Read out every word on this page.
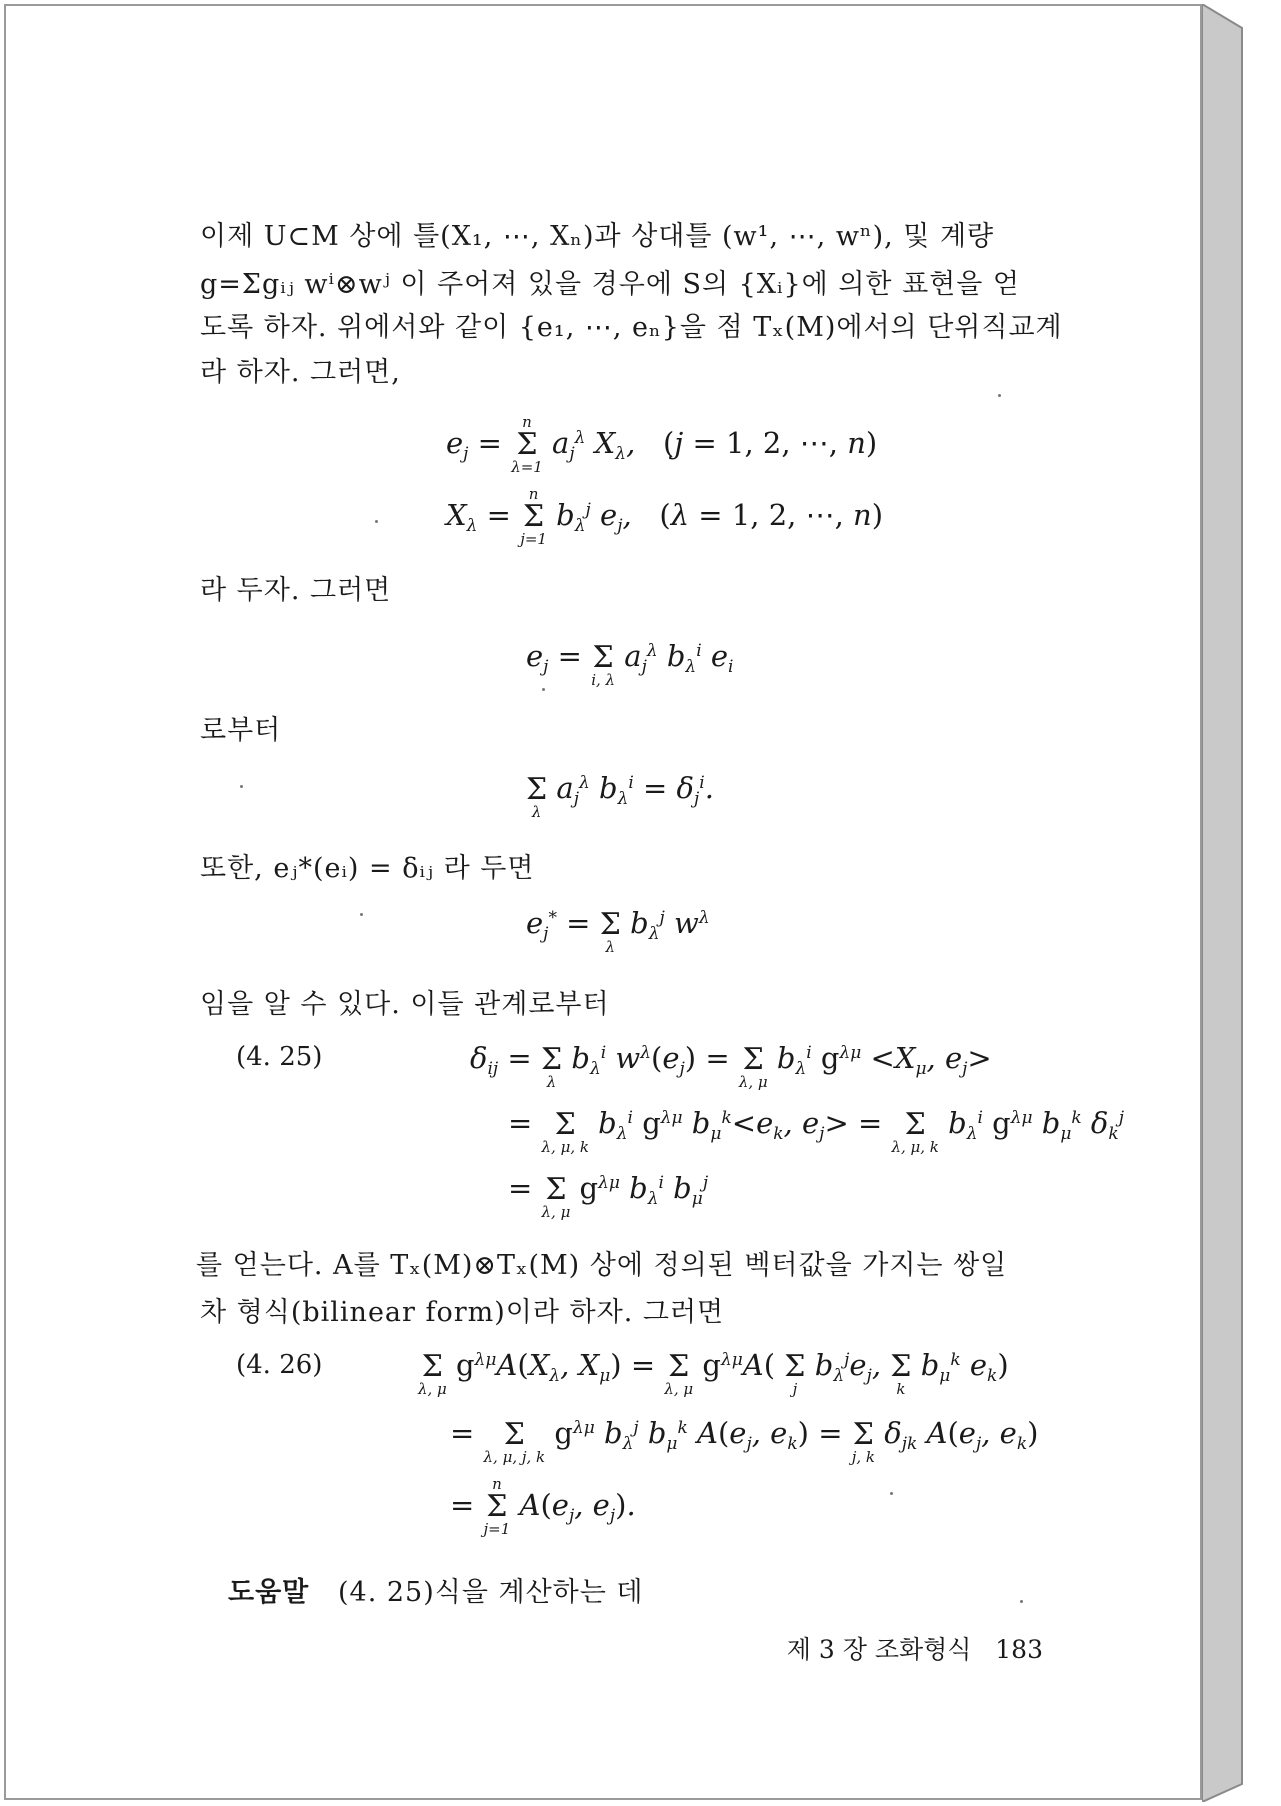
이제 U⊂M 상에 틀(X₁, ⋯, Xₙ)과 상대틀 (w¹, ⋯, wⁿ), 및 계량
g=Σgᵢⱼ wⁱ⊗wʲ 이 주어져 있을 경우에 S의 {Xᵢ}에 의한 표현을 얻
도록 하자. 위에서와 같이 {e₁, ⋯, eₙ}을 점 Tₓ(M)에서의 단위직교계
라 하자. 그러면,
$e_j$ =
n
Σ
λ=1
$a_j^\lambda$ $X_\lambda$,   (j = 1, 2, ⋯, n)
$X_\lambda$ =
n
Σ
j=1
$b_\lambda^j$ $e_j$,   (λ = 1, 2, ⋯, n)
라 두자. 그러면
$e_j$ =
Σ
i, λ
$a_j^\lambda$ $b_\lambda^i$ $e_i$
로부터

Σ
λ
$a_j^\lambda$ $b_\lambda^i = \delta_j^i$.
또한, eⱼ*(eᵢ) = δᵢⱼ 라 두면
$e_j^*$ =
Σ
λ
$b_\lambda^j$ $w^\lambda$
임을 알 수 있다. 이들 관계로부터
(4. 25)	$\delta_{ij}$ =
Σ
λ
$b_\lambda^i$ $w^\lambda(e_j)$ =
Σ
λ, μ
$b_\lambda^i$ $g^{\lambda\mu} <X_\mu$, $e_j>$
=
Σ
λ, μ, k
$b_\lambda^i$ $g^{\lambda\mu}$ $b_\mu^k<e_k$, $e_j>$ =
Σ
λ, μ, k
$b_\lambda^i$ $g^{\lambda\mu}$ $b_\mu^k$ $\delta_k^j$
=
Σ
λ, μ
$g^{\lambda\mu}$ $b_\lambda^i$ $b_\mu^j$
를 얻는다. A를 Tₓ(M)⊗Tₓ(M) 상에 정의된 벡터값을 가지는 쌍일
차 형식(bilinear form)이라 하자. 그러면
(4. 26)
	Σ
λ, μ
$g^{\lambda\mu}A(X_\lambda$, $X_\mu$) =
Σ
λ, μ
$g^{\lambda\mu}A$(
Σ
j
$b_\lambda^je_j$,
Σ
k
$b_\mu^k$ $e_k$)
=
Σ
λ, μ, j, k
$g^{\lambda\mu}$ $b_\lambda^j$ $b_\mu^k$ $A(e_j$, $e_k$) =
Σ
j, k
$\delta_{jk}$ $A(e_j$, $e_k$)
=
n
Σ
j=1
$A(e_j$, $e_j$).
도움말 (4. 25)식을 계산하는 데
제 3 장 조화형식 183
